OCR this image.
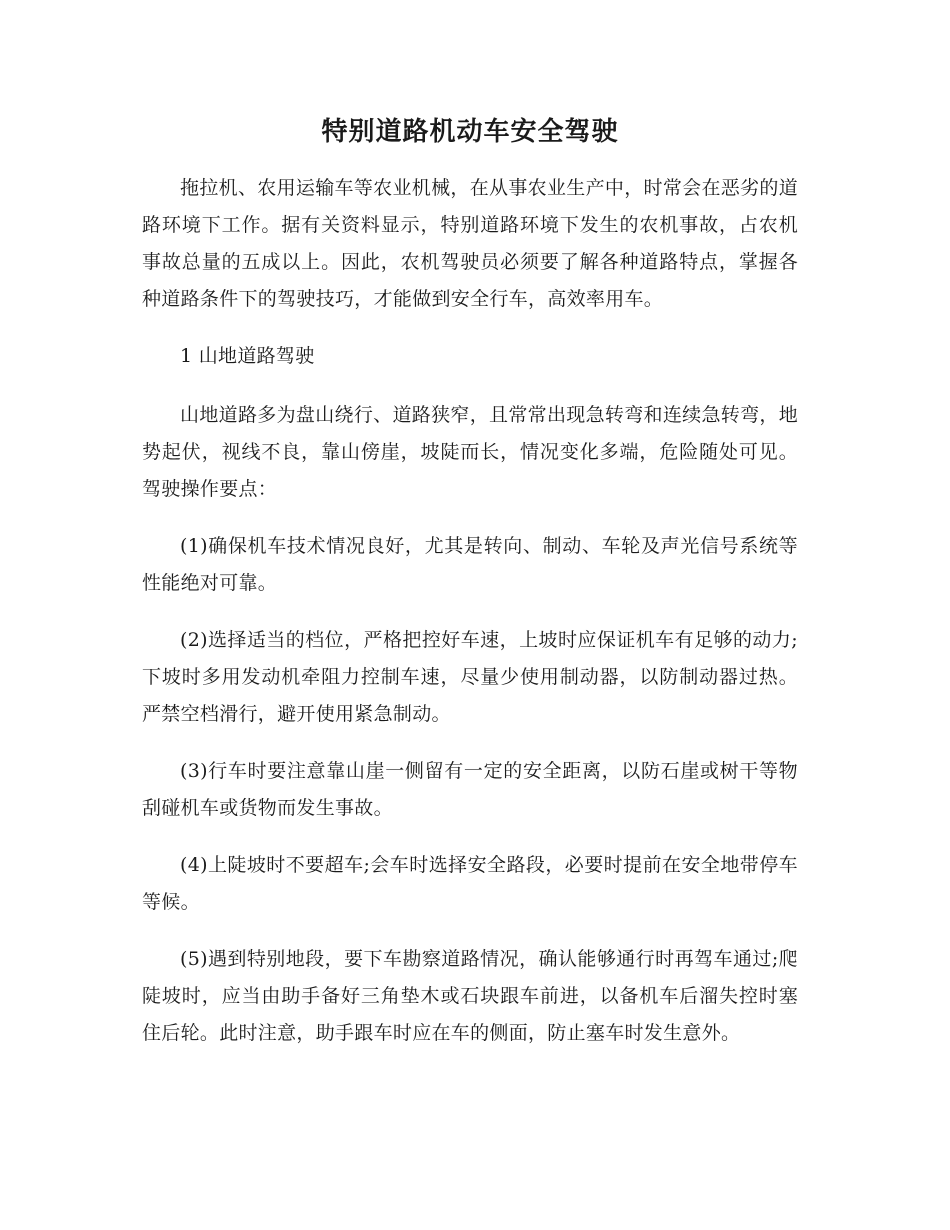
特别道路机动车安全驾驶

拖拉机、农用运输车等农业机械，在从事农业生产中，时常会在恶劣的道路环境下工作。据有关资料显示，特别道路环境下发生的农机事故，占农机事故总量的五成以上。因此，农机驾驶员必须要了解各种道路特点，掌握各种道路条件下的驾驶技巧，才能做到安全行车，高效率用车。

1 山地道路驾驶

山地道路多为盘山绕行、道路狭窄，且常常出现急转弯和连续急转弯，地势起伏，视线不良，靠山傍崖，坡陡而长，情况变化多端，危险随处可见。驾驶操作要点：

(1)确保机车技术情况良好，尤其是转向、制动、车轮及声光信号系统等性能绝对可靠。

(2)选择适当的档位，严格把控好车速，上坡时应保证机车有足够的动力;下坡时多用发动机牵阻力控制车速，尽量少使用制动器，以防制动器过热。严禁空档滑行，避开使用紧急制动。

(3)行车时要注意靠山崖一侧留有一定的安全距离，以防石崖或树干等物刮碰机车或货物而发生事故。

(4)上陡坡时不要超车;会车时选择安全路段，必要时提前在安全地带停车等候。

(5)遇到特别地段，要下车勘察道路情况，确认能够通行时再驾车通过;爬陡坡时，应当由助手备好三角垫木或石块跟车前进，以备机车后溜失控时塞住后轮。此时注意，助手跟车时应在车的侧面，防止塞车时发生意外。
